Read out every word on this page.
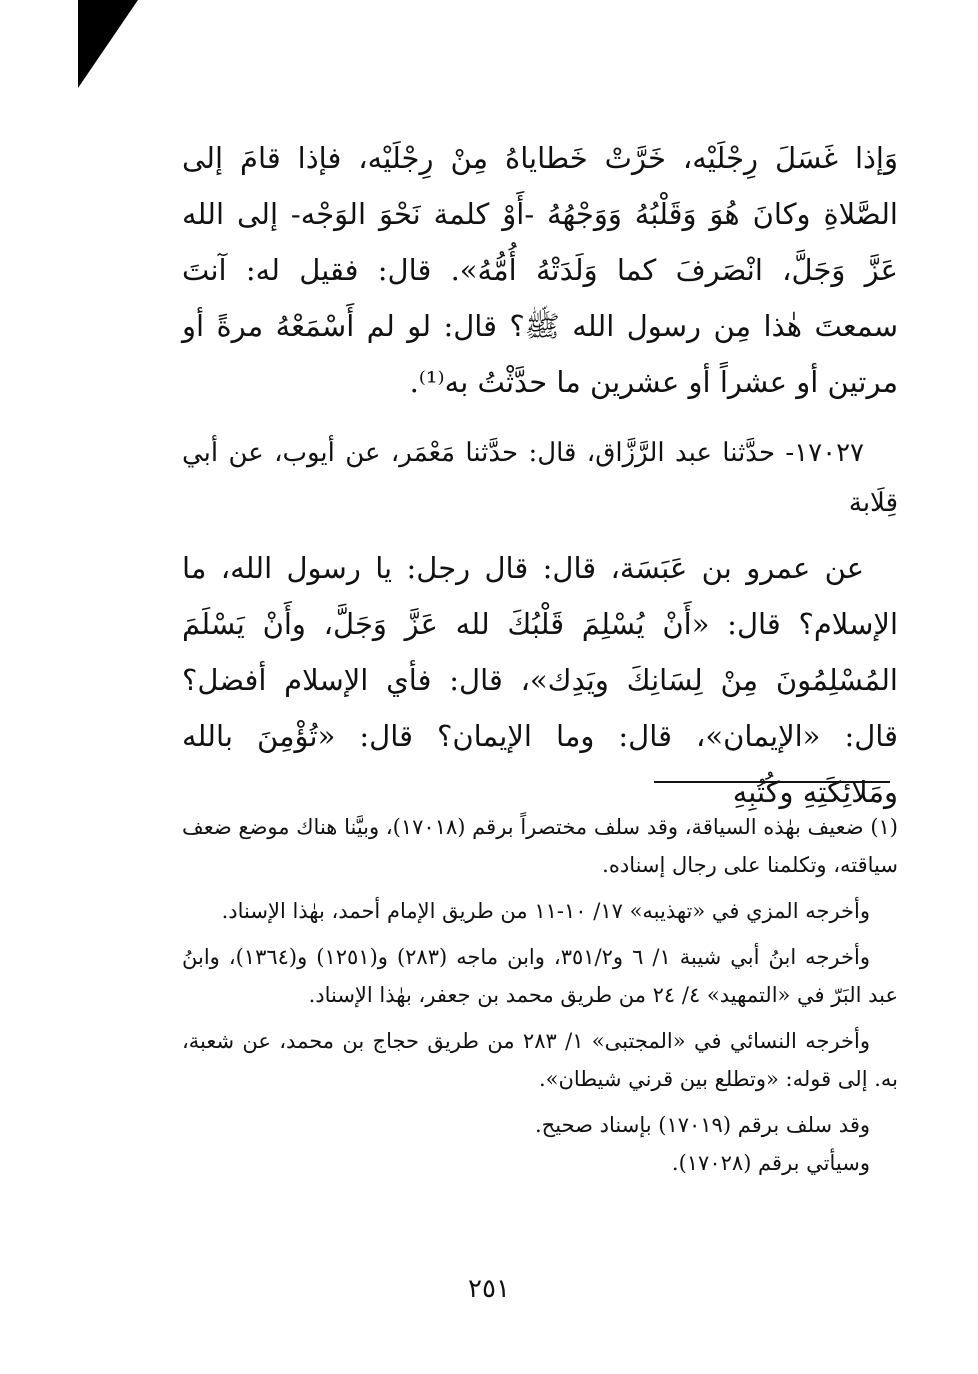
وَإذا غَسَلَ رِجْلَيْه، خَرَّتْ خَطاياهُ مِنْ رِجْلَيْه، فإذا قامَ إلى الصَّلاةِ وكانَ هُوَ وَقَلْبُهُ وَوَجْهُهُ -أَوْ كلمة نَحْوَ الوَجْه- إلى الله عَزَّ وَجَلَّ، انْصَرفَ كما وَلَدَتْهُ أُمُّهُ». قال: فقيل له: آنتَ سمعتَ هٰذا مِن رسول الله ﷺ؟ قال: لو لم أَسْمَعْهُ مرةً أو مرتين أو عشراً أو عشرين ما حدَّثْتُ به⁽¹⁾.

١٧٠٢٧- حدَّثنا عبد الرَّزَّاق، قال: حدَّثنا مَعْمَر، عن أيوب، عن أبي قِلَابة

عن عمرو بن عَبَسَة، قال: قال رجل: يا رسول الله، ما الإسلام؟ قال: «أَنْ يُسْلِمَ قَلْبُكَ لله عَزَّ وَجَلَّ، وأَنْ يَسْلَمَ المُسْلِمُونَ مِنْ لِسَانِكَ ويَدِك»، قال: فأي الإسلام أفضل؟ قال: «الإيمان»، قال: وما الإيمان؟ قال: «تُؤْمِنَ بالله ومَلائِكَتِهِ وكُتُبِهِ

(١) ضعيف بهٰذه السياقة، وقد سلف مختصراً برقم (١٧٠١٨)، وبيَّنا هناك موضع ضعف سياقته، وتكلمنا على رجال إسناده.

وأخرجه المزي في «تهذيبه» ١٧/ ١٠-١١ من طريق الإمام أحمد، بهٰذا الإسناد.

وأخرجه ابنُ أبي شيبة ١/ ٦ و٣٥١/٢، وابن ماجه (٢٨٣) و(١٢٥١) و(١٣٦٤)، وابنُ عبد البَرّ في «التمهيد» ٤/ ٢٤ من طريق محمد بن جعفر، بهٰذا الإسناد.

وأخرجه النسائي في «المجتبى» ١/ ٢٨٣ من طريق حجاج بن محمد، عن شعبة، به. إلى قوله: «وتطلع بين قرني شيطان».

وقد سلف برقم (١٧٠١٩) بإسناد صحيح.

وسيأتي برقم (١٧٠٢٨).

٢٥١
